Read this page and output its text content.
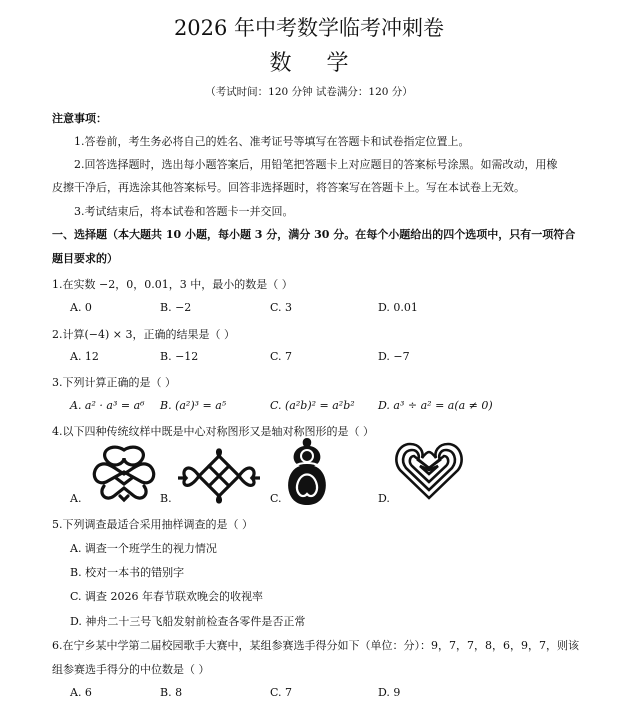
2026 年中考数学临考冲刺卷
数 学
（考试时间：120 分钟 试卷满分：120 分）
注意事项：
1.答卷前，考生务必将自己的姓名、准考证号等填写在答题卡和试卷指定位置上。
2.回答选择题时，选出每小题答案后，用铅笔把答题卡上对应题目的答案标号涂黑。如需改动，用橡
皮擦干净后，再选涂其他答案标号。回答非选择题时，将答案写在答题卡上。写在本试卷上无效。
3.考试结束后，将本试卷和答题卡一并交回。
一、选择题（本大题共 10 小题，每小题 3 分，满分 30 分。在每个小题给出的四个选项中，只有一项符合
题目要求的）
1.在实数 −2，0，0.01，3 中，最小的数是（ ）
A. 0	B. −2	C. 3	D. 0.01
2.计算(−4) × 3，正确的结果是（ ）
A. 12	B. −12	C. 7	D. −7
3.下列计算正确的是（ ）
A. a² · a³ = a⁶ B. (a²)³ = a⁵	C. (a²b)² = a²b² D. a³ ÷ a² = a(a ≠ 0)
4.以下四种传统纹样中既是中心对称图形又是轴对称图形的是（ ）
A.	B.	C.	D.
5.下列调查最适合采用抽样调查的是（ ）
A. 调查一个班学生的视力情况
B. 校对一本书的错别字
C. 调查 2026 年春节联欢晚会的收视率
D. 神舟二十三号飞船发射前检查各零件是否正常
6.在宁乡某中学第二届校园歌手大赛中，某组参赛选手得分如下（单位：分）：9，7，7，8，6，9，7，则该
组参赛选手得分的中位数是（ ）
A. 6	B. 8	C. 7	D. 9
